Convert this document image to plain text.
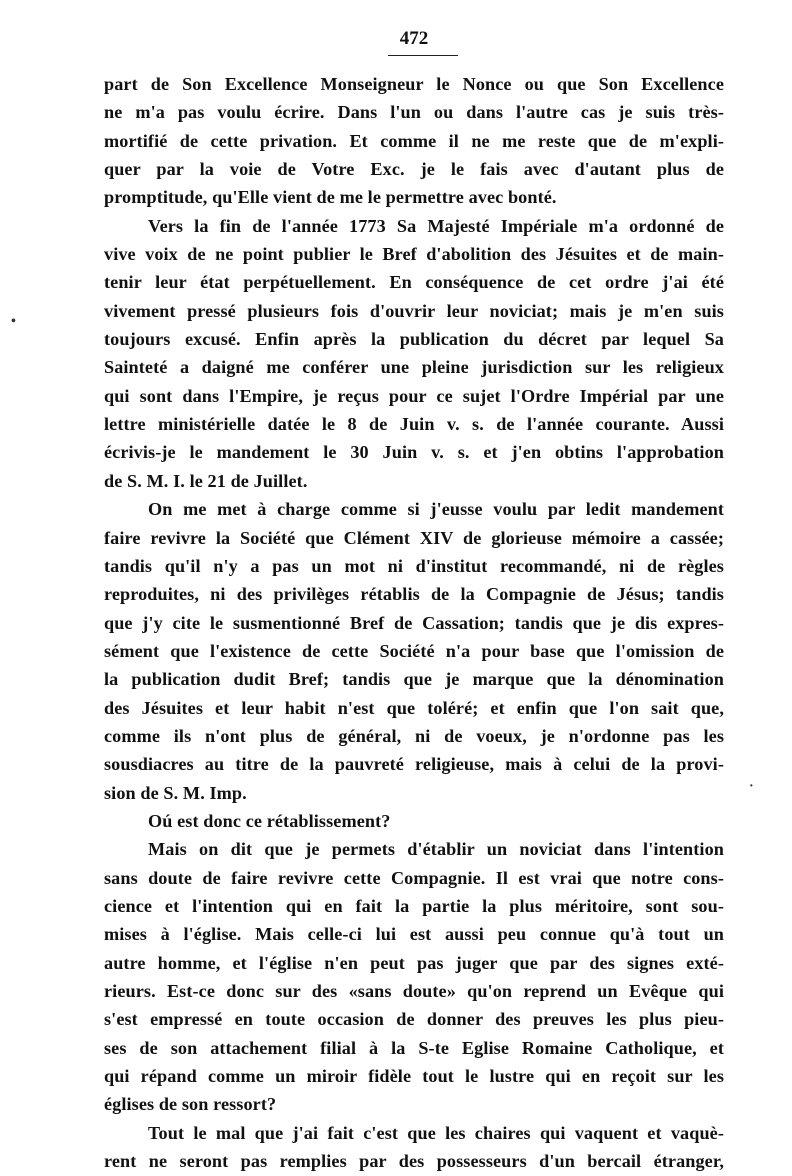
472
•
·
part de Son Excellence Monseigneur le Nonce ou que Son Excellence
ne m'a pas voulu écrire. Dans l'un ou dans l'autre cas je suis très-
mortifié de cette privation. Et comme il ne me reste que de m'expli-
quer par la voie de Votre Exc. je le fais avec d'autant plus de
promptitude, qu'Elle vient de me le permettre avec bonté.
Vers la fin de l'année 1773 Sa Majesté Impériale m'a ordonné de
vive voix de ne point publier le Bref d'abolition des Jésuites et de main-
tenir leur état perpétuellement. En conséquence de cet ordre j'ai été
vivement pressé plusieurs fois d'ouvrir leur noviciat; mais je m'en suis
toujours excusé. Enfin après la publication du décret par lequel Sa
Sainteté a daigné me conférer une pleine jurisdiction sur les religieux
qui sont dans l'Empire, je reçus pour ce sujet l'Ordre Impérial par une
lettre ministérielle datée le 8 de Juin v. s. de l'année courante. Aussi
écrivis-je le mandement le 30 Juin v. s. et j'en obtins l'approbation
de S. M. I. le 21 de Juillet.
On me met à charge comme si j'eusse voulu par ledit mandement
faire revivre la Société que Clément XIV de glorieuse mémoire a cassée;
tandis qu'il n'y a pas un mot ni d'institut recommandé, ni de règles
reproduites, ni des privilèges rétablis de la Compagnie de Jésus; tandis
que j'y cite le susmentionné Bref de Cassation; tandis que je dis expres-
sément que l'existence de cette Société n'a pour base que l'omission de
la publication dudit Bref; tandis que je marque que la dénomination
des Jésuites et leur habit n'est que toléré; et enfin que l'on sait que,
comme ils n'ont plus de général, ni de voeux, je n'ordonne pas les
sousdiacres au titre de la pauvreté religieuse, mais à celui de la provi-
sion de S. M. Imp.
Oú est donc ce rétablissement?
Mais on dit que je permets d'établir un noviciat dans l'intention
sans doute de faire revivre cette Compagnie. Il est vrai que notre cons-
cience et l'intention qui en fait la partie la plus méritoire, sont sou-
mises à l'église. Mais celle-ci lui est aussi peu connue qu'à tout un
autre homme, et l'église n'en peut pas juger que par des signes exté-
rieurs. Est-ce donc sur des «sans doute» qu'on reprend un Evêque qui
s'est empressé en toute occasion de donner des preuves les plus pieu-
ses de son attachement filial à la S-te Eglise Romaine Catholique, et
qui répand comme un miroir fidèle tout le lustre qui en reçoit sur les
églises de son ressort?
Tout le mal que j'ai fait c'est que les chaires qui vaquent et vaquè-
rent ne seront pas remplies par des possesseurs d'un bercail étranger,
